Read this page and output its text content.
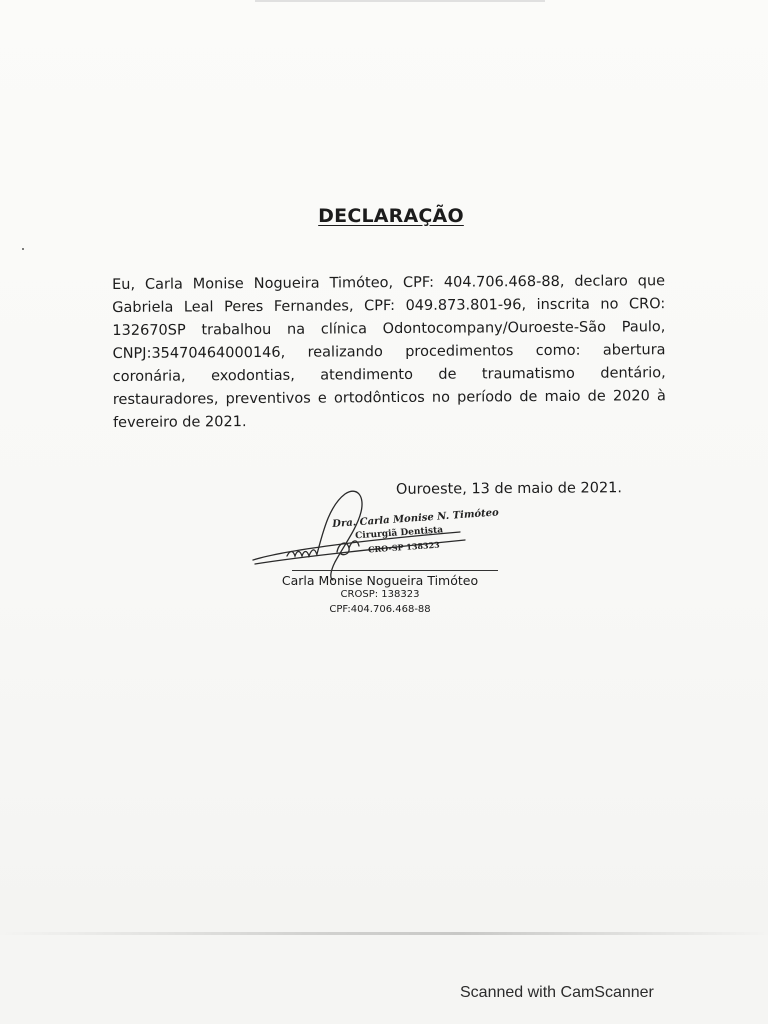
DECLARAÇÃO
Eu, Carla Monise Nogueira Timóteo, CPF: 404.706.468-88, declaro que
Gabriela Leal Peres Fernandes, CPF: 049.873.801-96, inscrita no CRO:
132670SP trabalhou na clínica Odontocompany/Ouroeste-São Paulo,
CNPJ:35470464000146, realizando procedimentos como: abertura
coronária, exodontias, atendimento de traumatismo dentário,
restauradores, preventivos e ortodônticos no período de maio de 2020 à
fevereiro de 2021.
Ouroeste, 13 de maio de 2021.
Dra. Carla Monise N. Timóteo
Cirurgiã Dentista
CRO-SP 138323
Carla Monise Nogueira Timóteo
CROSP: 138323
CPF:404.706.468-88
Scanned with CamScanner
